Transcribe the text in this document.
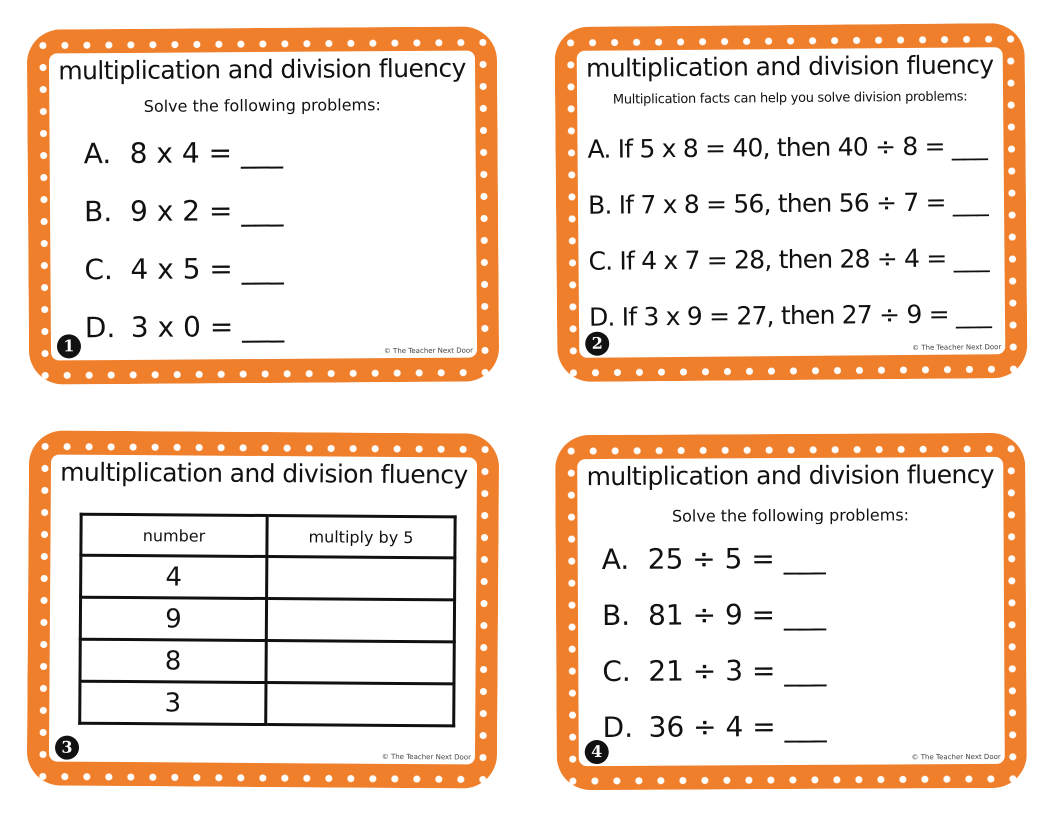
multiplication and division fluency
Solve the following problems:
A. 8 x 4 = ___
B. 9 x 2 = ___
C. 4 x 5 = ___
D. 3 x 0 = ___
1	© The Teacher Next Door
multiplication and division fluency
Multiplication facts can help you solve division problems:
A. If 5 x 8 = 40, then 40 ÷ 8 = ___
B. If 7 x 8 = 56, then 56 ÷ 7 = ___
C. If 4 x 7 = 28, then 28 ÷ 4 = ___
D. If 3 x 9 = 27, then 27 ÷ 9 = ___
2	© The Teacher Next Door
multiplication and division fluency
number	multiply by 5
4	
9	
8	
3	
3
© The Teacher Next Door
multiplication and division fluency
Solve the following problems:
A. 25 ÷ 5 = ___
B. 81 ÷ 9 = ___
C. 21 ÷ 3 = ___
D. 36 ÷ 4 = ___
4	© The Teacher Next Door
